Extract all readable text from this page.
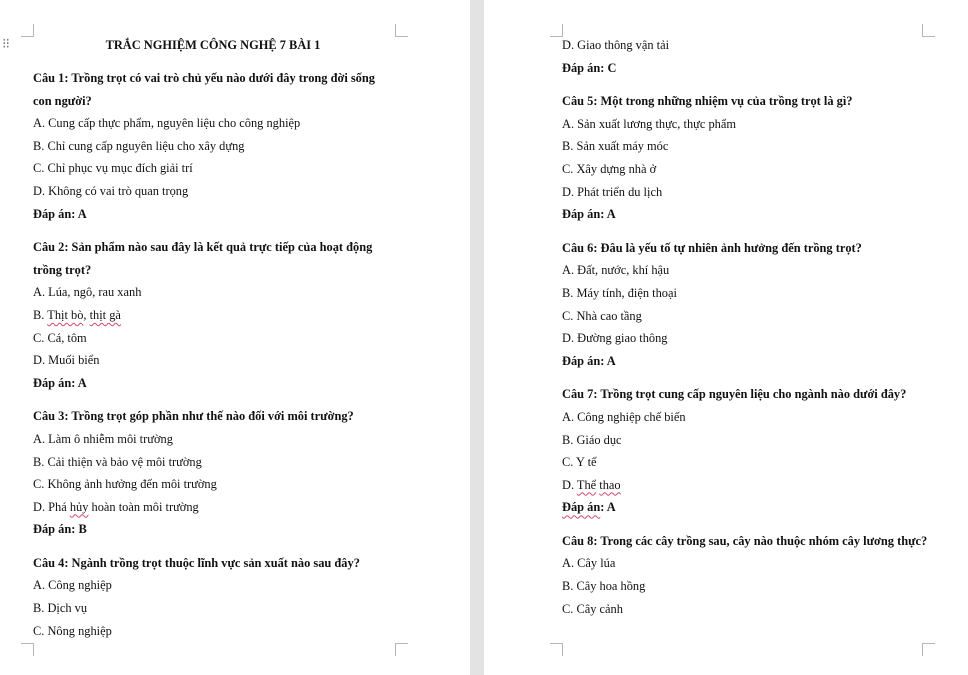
⁝⁝	TRẮC NGHIỆM CÔNG NGHỆ 7 BÀI 1
Câu 1: Trồng trọt có vai trò chủ yếu nào dưới đây trong đời sống con người?
A. Cung cấp thực phẩm, nguyên liệu cho công nghiệp
B. Chỉ cung cấp nguyên liệu cho xây dựng
C. Chỉ phục vụ mục đích giải trí
D. Không có vai trò quan trọng
Đáp án: A
Câu 2: Sản phẩm nào sau đây là kết quả trực tiếp của hoạt động trồng trọt?
A. Lúa, ngô, rau xanh
B. Thịt bò, thịt gà
C. Cá, tôm
D. Muối biển
Đáp án: A
Câu 3: Trồng trọt góp phần như thế nào đối với môi trường?
A. Làm ô nhiễm môi trường
B. Cải thiện và bảo vệ môi trường
C. Không ảnh hưởng đến môi trường
D. Phá hủy hoàn toàn môi trường
Đáp án: B
Câu 4: Ngành trồng trọt thuộc lĩnh vực sản xuất nào sau đây?
A. Công nghiệp
B. Dịch vụ
C. Nông nghiệp
D. Giao thông vận tải
Đáp án: C
Câu 5: Một trong những nhiệm vụ của trồng trọt là gì?
A. Sản xuất lương thực, thực phẩm
B. Sản xuất máy móc
C. Xây dựng nhà ở
D. Phát triển du lịch
Đáp án: A
Câu 6: Đâu là yếu tố tự nhiên ảnh hưởng đến trồng trọt?
A. Đất, nước, khí hậu
B. Máy tính, điện thoại
C. Nhà cao tầng
D. Đường giao thông
Đáp án: A
Câu 7: Trồng trọt cung cấp nguyên liệu cho ngành nào dưới đây?
A. Công nghiệp chế biến
B. Giáo dục
C. Y tế
D. Thể thao
Đáp án: A
Câu 8: Trong các cây trồng sau, cây nào thuộc nhóm cây lương thực?
A. Cây lúa
B. Cây hoa hồng
C. Cây cảnh
